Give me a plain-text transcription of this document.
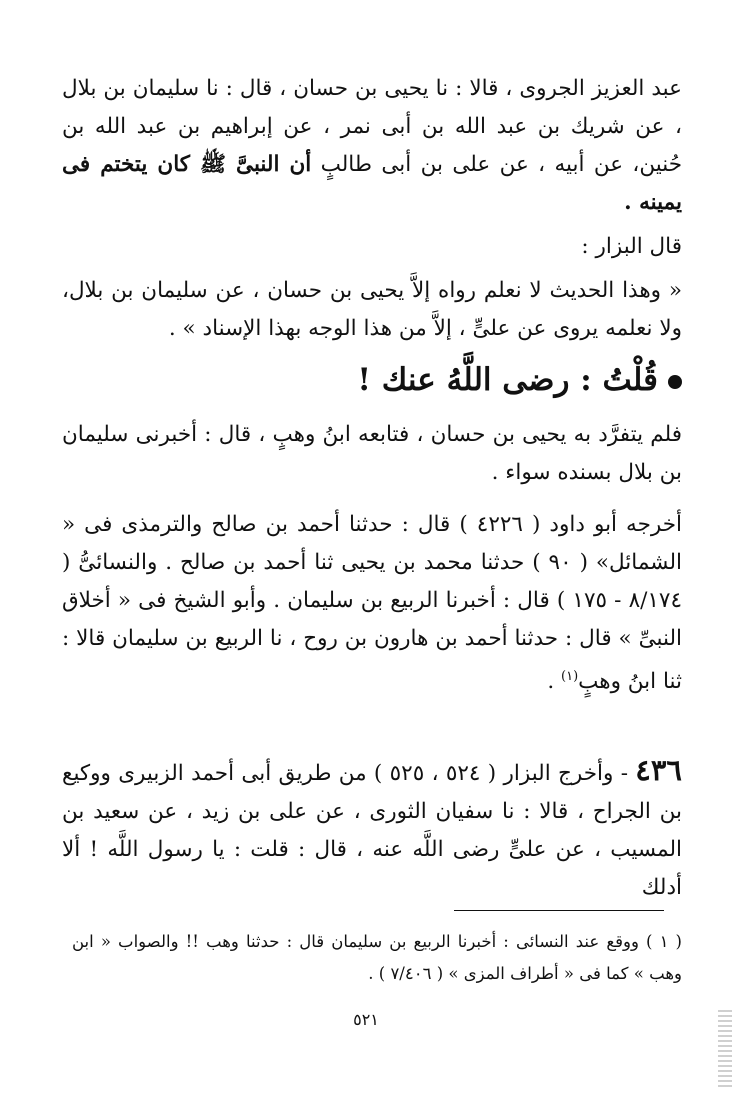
عبد العزيز الجروى ، قالا : نا يحيى بن حسان ، قال : نا سليمان بن بلال ، عن شريك بن عبد الله بن أبى نمر ، عن إبراهيم بن عبد الله بن حُنين، عن أبيه ، عن على بن أبى طالبٍ أن النبىَّ ﷺ كان يتختم فى يمينه .

قال البزار :

« وهذا الحديث لا نعلم رواه إلاَّ يحيى بن حسان ، عن سليمان بن بلال، ولا نعلمه يروى عن علىٍّ ، إلاَّ من هذا الوجه بهذا الإسناد » .

قُلْتُ : رضى اللَّهُ عنك !

فلم يتفرَّد به يحيى بن حسان ، فتابعه ابنُ وهبٍ ، قال : أخبرنى سليمان بن بلال بسنده سواء .

أخرجه أبو داود ( ٤٢٢٦ ) قال : حدثنا أحمد بن صالح والترمذى فى « الشمائل» ( ٩٠ ) حدثنا محمد بن يحيى ثنا أحمد بن صالح . والنسائىُّ ( ٨/١٧٤ - ١٧٥ ) قال : أخبرنا الربيع بن سليمان . وأبو الشيخ فى « أخلاق النبىِّ » قال : حدثنا أحمد بن هارون بن روح ، نا الربيع بن سليمان قالا : ثنا ابنُ وهبٍ$^{(١)}$ .

٤٣٦ - وأخرج البزار ( ٥٢٤ ، ٥٢٥ ) من طريق أبى أحمد الزبيرى ووكيع بن الجراح ، قالا : نا سفيان الثورى ، عن على بن زيد ، عن سعيد بن المسيب ، عن علىٍّ رضى اللَّه عنه ، قال : قلت : يا رسول اللَّه ! ألا أدلك

( ١ ) ووقع عند النسائى : أخبرنا الربيع بن سليمان قال : حدثنا وهب !! والصواب « ابن وهب » كما فى « أطراف المزى » ( ٧/٤٠٦ ) .

٥٢١
